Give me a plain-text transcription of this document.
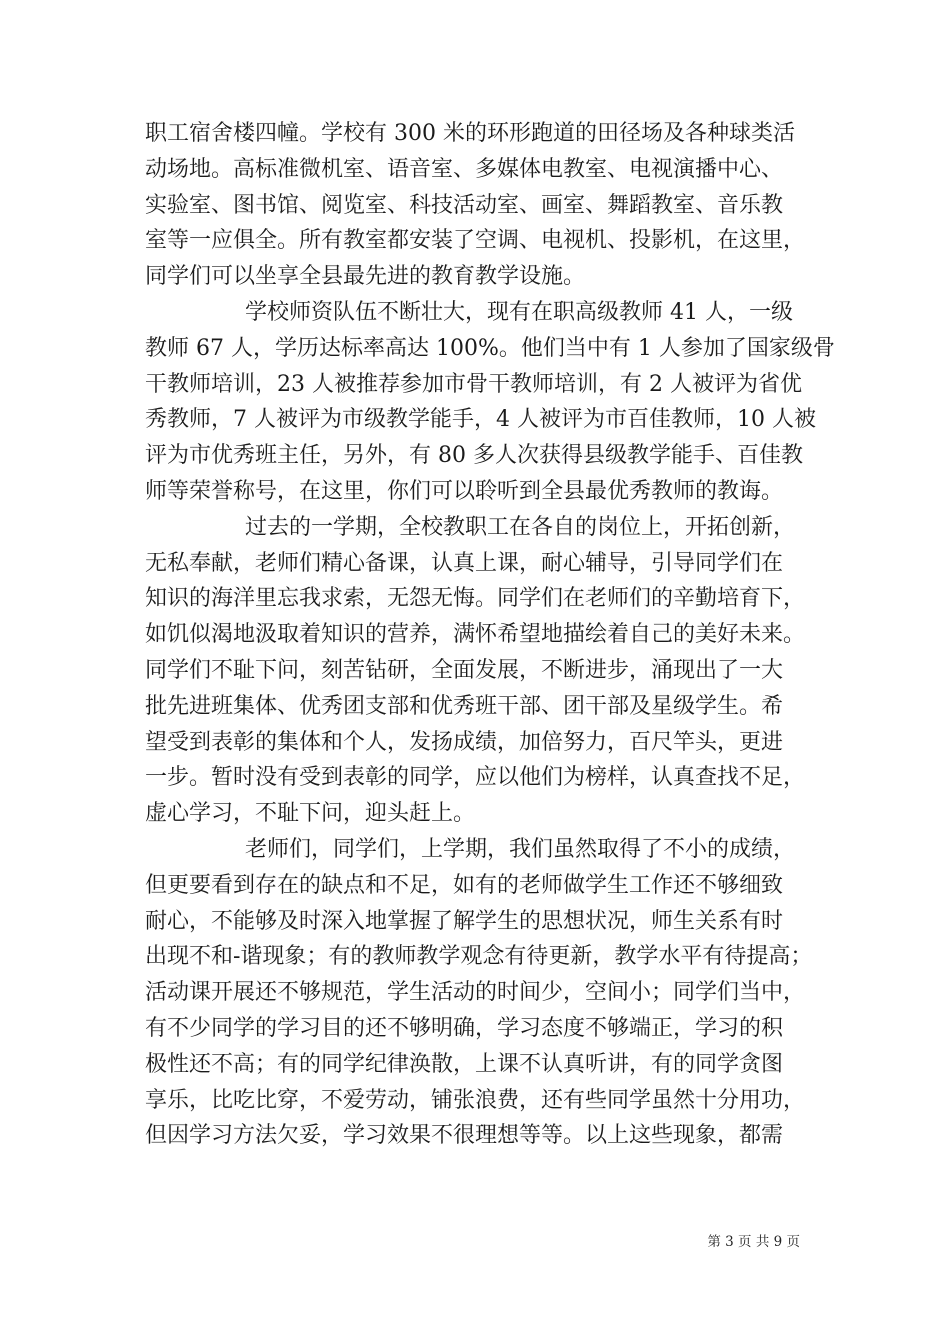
职工宿舍楼四幢。学校有 300 米的环形跑道的田径场及各种球类活
动场地。高标准微机室、语音室、多媒体电教室、电视演播中心、
实验室、图书馆、阅览室、科技活动室、画室、舞蹈教室、音乐教
室等一应俱全。所有教室都安装了空调、电视机、投影机，在这里，
同学们可以坐享全县最先进的教育教学设施。
学校师资队伍不断壮大，现有在职高级教师 41 人，一级
教师 67 人，学历达标率高达 100%。他们当中有 1 人参加了国家级骨
干教师培训，23 人被推荐参加市骨干教师培训，有 2 人被评为省优
秀教师，7 人被评为市级教学能手，4 人被评为市百佳教师，10 人被
评为市优秀班主任，另外，有 80 多人次获得县级教学能手、百佳教
师等荣誉称号，在这里，你们可以聆听到全县最优秀教师的教诲。
过去的一学期，全校教职工在各自的岗位上，开拓创新，
无私奉献，老师们精心备课，认真上课，耐心辅导，引导同学们在
知识的海洋里忘我求索，无怨无悔。同学们在老师们的辛勤培育下，
如饥似渴地汲取着知识的营养，满怀希望地描绘着自己的美好未来。
同学们不耻下问，刻苦钻研，全面发展，不断进步，涌现出了一大
批先进班集体、优秀团支部和优秀班干部、团干部及星级学生。希
望受到表彰的集体和个人，发扬成绩，加倍努力，百尺竿头，更进
一步。暂时没有受到表彰的同学，应以他们为榜样，认真查找不足，
虚心学习，不耻下问，迎头赶上。
老师们，同学们，上学期，我们虽然取得了不小的成绩，
但更要看到存在的缺点和不足，如有的老师做学生工作还不够细致
耐心，不能够及时深入地掌握了解学生的思想状况，师生关系有时
出现不和-谐现象；有的教师教学观念有待更新，教学水平有待提高；
活动课开展还不够规范，学生活动的时间少，空间小；同学们当中，
有不少同学的学习目的还不够明确，学习态度不够端正，学习的积
极性还不高；有的同学纪律涣散，上课不认真听讲，有的同学贪图
享乐，比吃比穿，不爱劳动，铺张浪费，还有些同学虽然十分用功，
但因学习方法欠妥，学习效果不很理想等等。以上这些现象，都需
第 3 页 共 9 页
